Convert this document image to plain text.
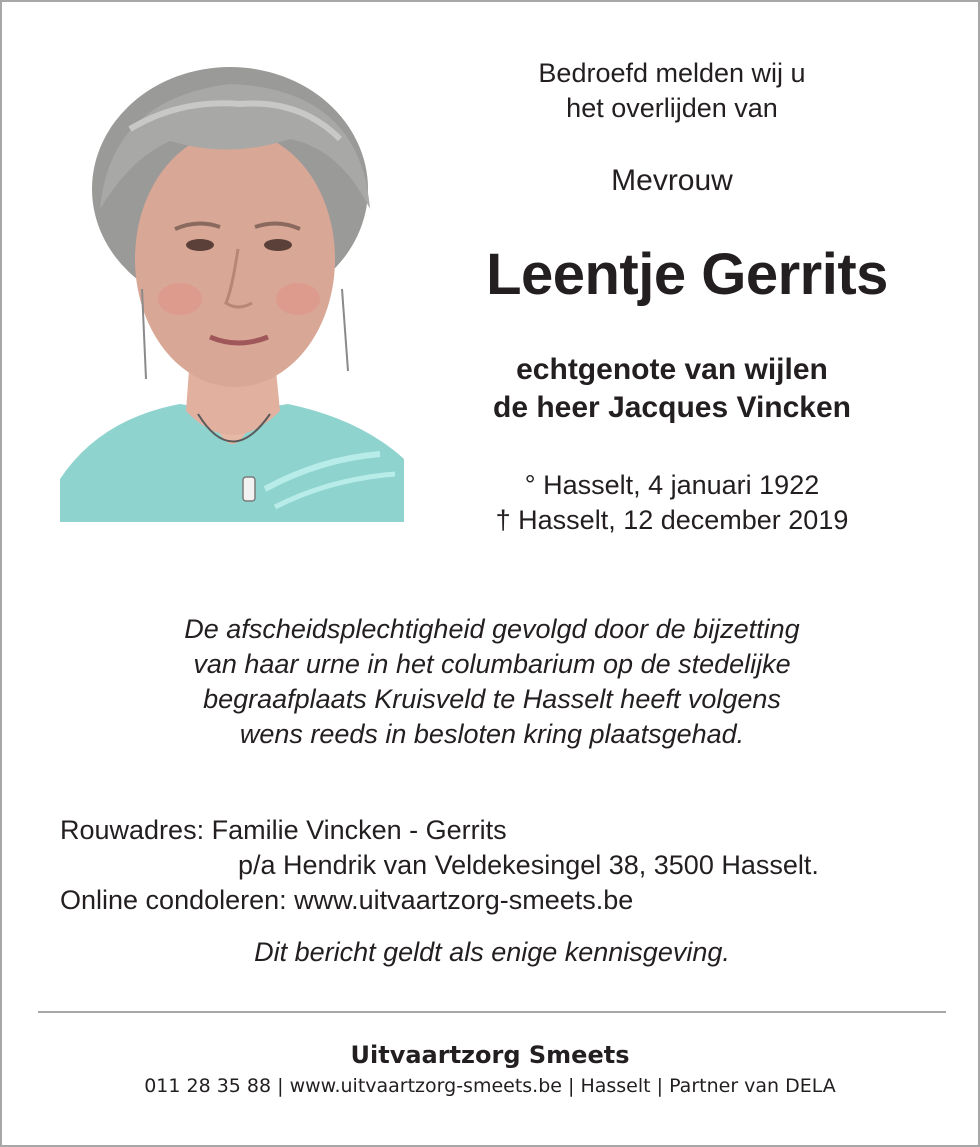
Bedroefd melden wij u
het overlijden van
Mevrouw
Leentje Gerrits
echtgenote van wijlen
de heer Jacques Vincken
° Hasselt, 4 januari 1922
† Hasselt, 12 december 2019
De afscheidsplechtigheid gevolgd door de bijzetting
van haar urne in het columbarium op de stedelijke
begraafplaats Kruisveld te Hasselt heeft volgens
wens reeds in besloten kring plaatsgehad.
Rouwadres: Familie Vincken - Gerrits
p/a Hendrik van Veldekesingel 38, 3500 Hasselt.
Online condoleren: www.uitvaartzorg-smeets.be
Dit bericht geldt als enige kennisgeving.
Uitvaartzorg Smeets
011 28 35 88 | www.uitvaartzorg-smeets.be | Hasselt | Partner van DELA
